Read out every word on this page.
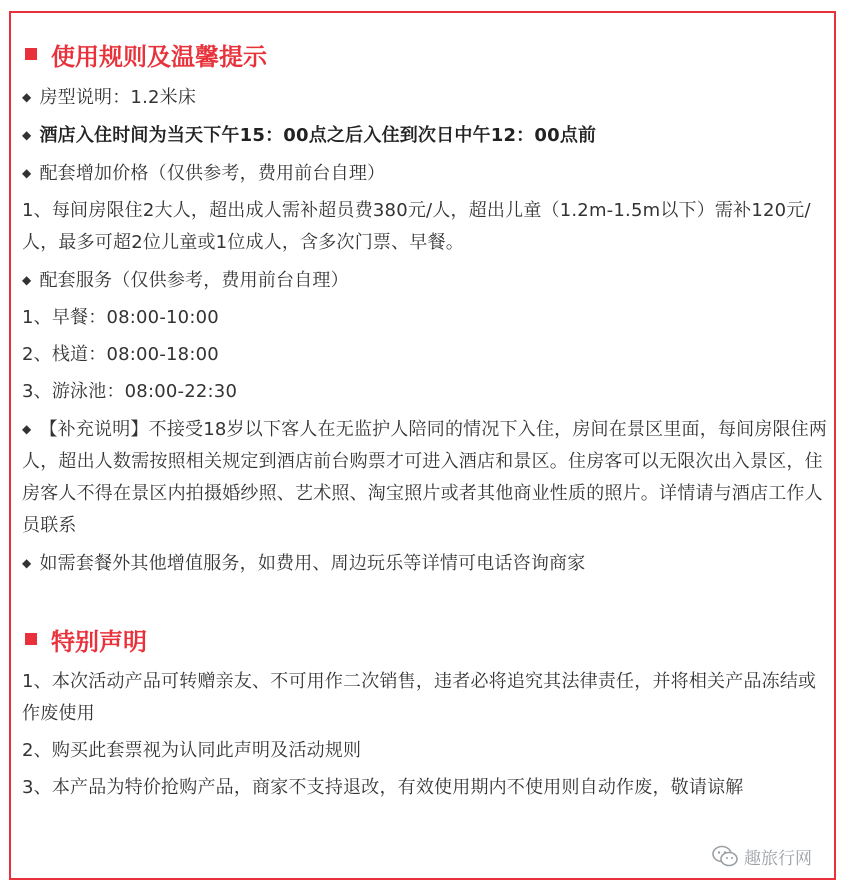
使用规则及温馨提示
◆ 房型说明：1.2米床
◆ 酒店入住时间为当天下午15：00点之后入住到次日中午12：00点前
◆ 配套增加价格（仅供参考，费用前台自理）
1、每间房限住2大人，超出成人需补超员费380元/人，超出儿童（1.2m-1.5m以下）需补120元/人，最多可超2位儿童或1位成人，含多次门票、早餐。
◆ 配套服务（仅供参考，费用前台自理）
1、早餐：08:00-10:00
2、栈道：08:00-18:00
3、游泳池：08:00-22:30
◆ 【补充说明】不接受18岁以下客人在无监护人陪同的情况下入住，房间在景区里面，每间房限住两人，超出人数需按照相关规定到酒店前台购票才可进入酒店和景区。住房客可以无限次出入景区，住房客人不得在景区内拍摄婚纱照、艺术照、淘宝照片或者其他商业性质的照片。详情请与酒店工作人员联系
◆ 如需套餐外其他增值服务，如费用、周边玩乐等详情可电话咨询商家
特别声明
1、本次活动产品可转赠亲友、不可用作二次销售，违者必将追究其法律责任，并将相关产品冻结或作废使用
2、购买此套票视为认同此声明及活动规则
3、本产品为特价抢购产品，商家不支持退改，有效使用期内不使用则自动作废，敬请谅解
趣旅行网
